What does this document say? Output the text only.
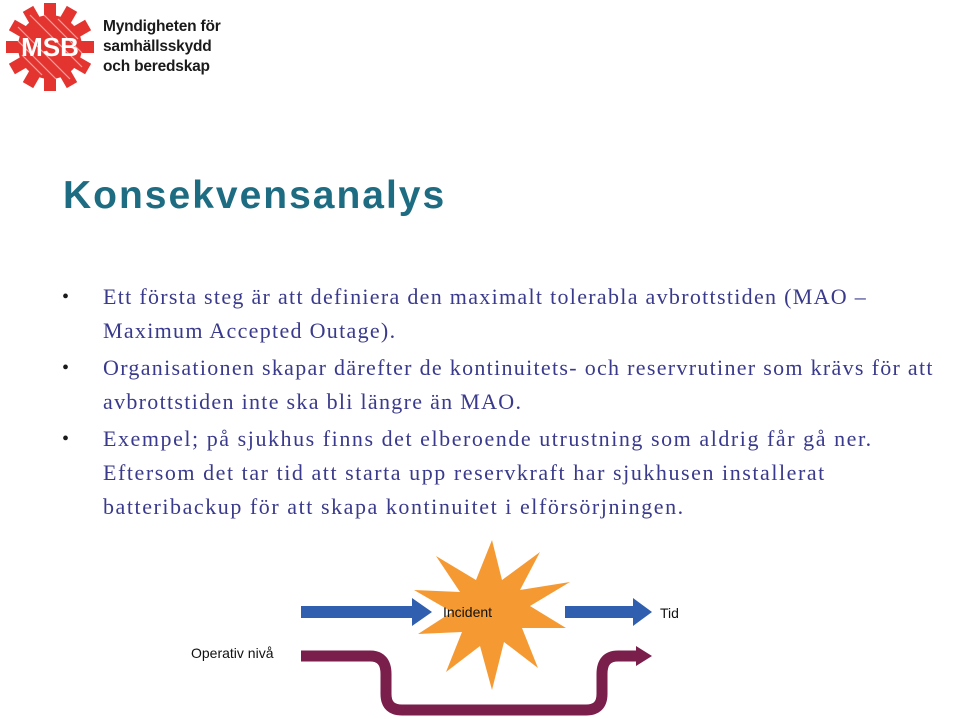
MSB
Myndigheten för
samhällsskydd
och beredskap
Konsekvensanalys
• Ett första steg är att definiera den maximalt tolerabla avbrottstiden (MAO – Maximum Accepted Outage).
• Organisationen skapar därefter de kontinuitets- och reservrutiner som krävs för att avbrottstiden inte ska bli längre än MAO.
• Exempel; på sjukhus finns det elberoende utrustning som aldrig får gå ner. Eftersom det tar tid att starta upp reservkraft har sjukhusen installerat batteribackup för att skapa kontinuitet i elförsörjningen.
Incident	Tid
Operativ nivå
